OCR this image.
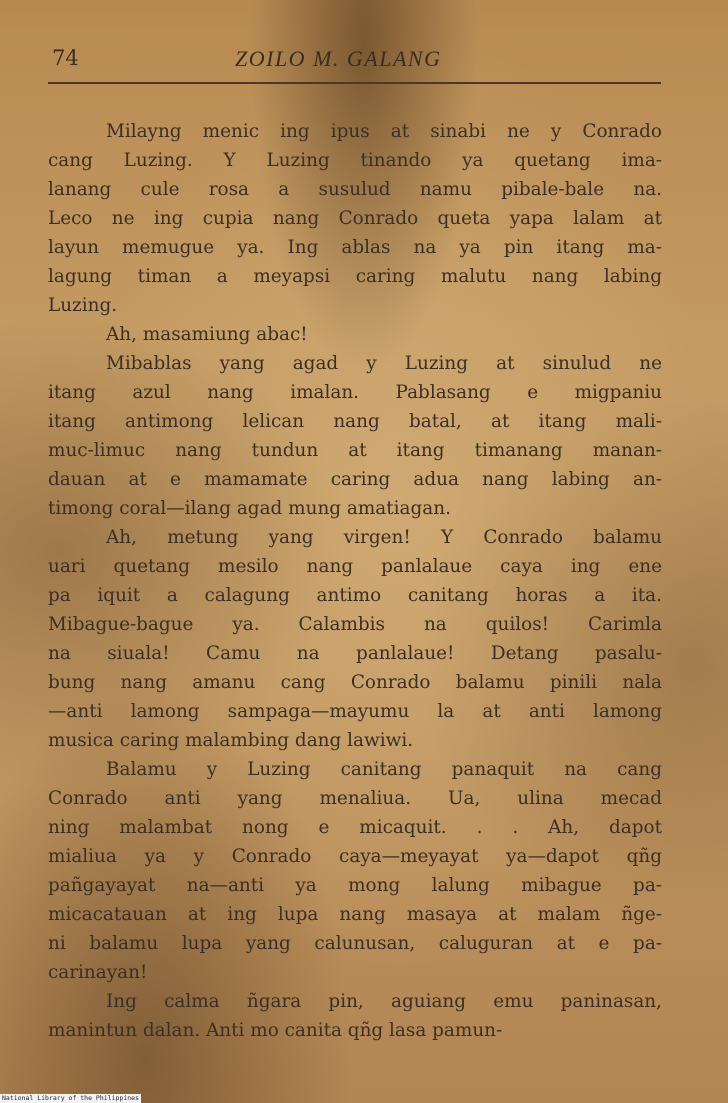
74	ZOILO M. GALANG
Milayng menic ing ipus at sinabi ne y Conrado
cang Luzing. Y Luzing tinando ya quetang ima-
lanang cule rosa a susulud namu pibale-bale na.
Leco ne ing cupia nang Conrado queta yapa lalam at
layun memugue ya. Ing ablas na ya pin itang ma-
lagung timan a meyapsi caring malutu nang labing
Luzing.
Ah, masamiung abac!
Mibablas yang agad y Luzing at sinulud ne
itang azul nang imalan. Pablasang e migpaniu
itang antimong lelican nang batal, at itang mali-
muc-limuc nang tundun at itang timanang manan-
dauan at e mamamate caring adua nang labing an-
timong coral—ilang agad mung amatiagan.
Ah, metung yang virgen! Y Conrado balamu
uari quetang mesilo nang panlalaue caya ing ene
pa iquit a calagung antimo canitang horas a ita.
Mibague-bague ya. Calambis na quilos! Carimla
na siuala! Camu na panlalaue! Detang pasalu-
bung nang amanu cang Conrado balamu pinili nala
—anti lamong sampaga—mayumu la at anti lamong
musica caring malambing dang lawiwi.
Balamu y Luzing canitang panaquit na cang
Conrado anti yang menaliua. Ua, ulina mecad
ning malambat nong e micaquit. . . Ah, dapot
mialiua ya y Conrado caya—meyayat ya—dapot qñg
pañgayayat na—anti ya mong lalung mibague pa-
micacatauan at ing lupa nang masaya at malam ñge-
ni balamu lupa yang calunusan, caluguran at e pa-
carinayan!
Ing calma ñgara pin, aguiang emu paninasan,
manintun dalan. Anti mo canita qñg lasa pamun-
National Library of the Philippines
